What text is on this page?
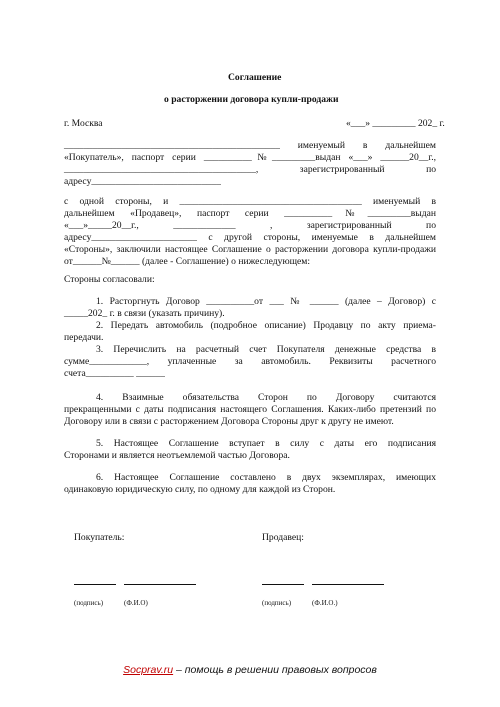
Соглашение
о расторжении договора купли-продажи
г. Москва	«___» _________ 202_ г.
_____________________________________________ именуемый в дальнейшем
«Покупатель», паспорт серии __________№_________выдан «___» ______20__г.,
________________________________________, зарегистрированный по
адресу___________________________
с одной стороны, и ______________________________________ именуемый в
дальнейшем «Продавец», паспорт серии __________№_________выдан
«___»_____20__г., _____________ , зарегистрированный по
адресу______________________ с другой стороны, именуемые в дальнейшем
«Стороны», заключили настоящее Соглашение о расторжении договора купли-продажи
от______№______ (далее - Соглашение) о нижеследующем:
Стороны согласовали:
1. Расторгнуть Договор __________от ___ № ______ (далее – Договор) с
_____202_ г. в связи (указать причину).
2. Передать автомобиль (подробное описание) Продавцу по акту приема-
передачи.
3. Перечислить на расчетный счет Покупателя денежные средства в
сумме____________, уплаченные за автомобиль. Реквизиты расчетного
счета__________ ______
4. Взаимные обязательства Сторон по Договору считаются
прекращенными с даты подписания настоящего Соглашения. Каких-либо претензий по
Договору или в связи с расторжением Договора Стороны друг к другу не имеют.
5. Настоящее Соглашение вступает в силу с даты его подписания
Сторонами и является неотъемлемой частью Договора.
6. Настоящее Соглашение составлено в двух экземплярах, имеющих
одинаковую юридическую силу, по одному для каждой из Сторон.
Покупатель:	Продавец:
(подпись)	(Ф.И.О)	(подпись)	(Ф.И.О.)
Socprav.ru – помощь в решении правовых вопросов
